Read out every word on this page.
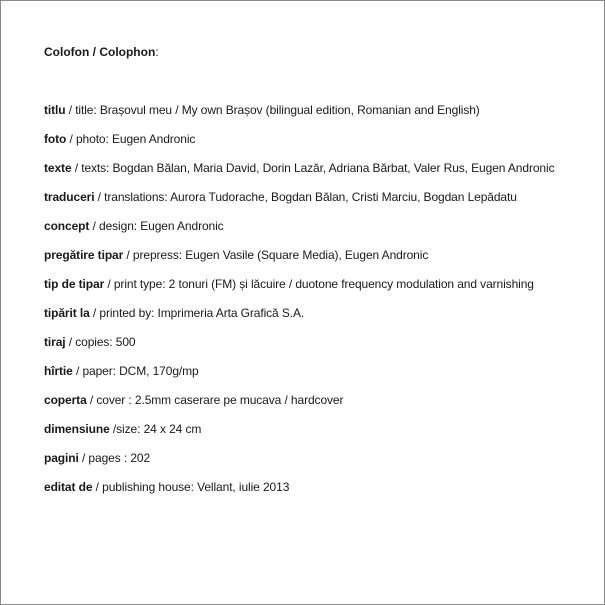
Colofon / Colophon:
titlu / title: Brașovul meu / My own Brașov (bilingual edition, Romanian and English)
foto / photo: Eugen Andronic
texte / texts: Bogdan Bălan, Maria David, Dorin Lazăr, Adriana Bărbat, Valer Rus, Eugen Andronic
traduceri / translations: Aurora Tudorache, Bogdan Bălan, Cristi Marciu, Bogdan Lepădatu
concept / design: Eugen Andronic
pregătire tipar / prepress: Eugen Vasile (Square Media), Eugen Andronic
tip de tipar / print type: 2 tonuri (FM) și lăcuire / duotone frequency modulation and varnishing
tipărit la / printed by: Imprimeria Arta Grafică S.A.
tiraj / copies: 500
hîrtie / paper: DCM, 170g/mp
coperta / cover : 2.5mm caserare pe mucava / hardcover
dimensiune /size: 24 x 24 cm
pagini / pages : 202
editat de / publishing house: Vellant, iulie 2013
